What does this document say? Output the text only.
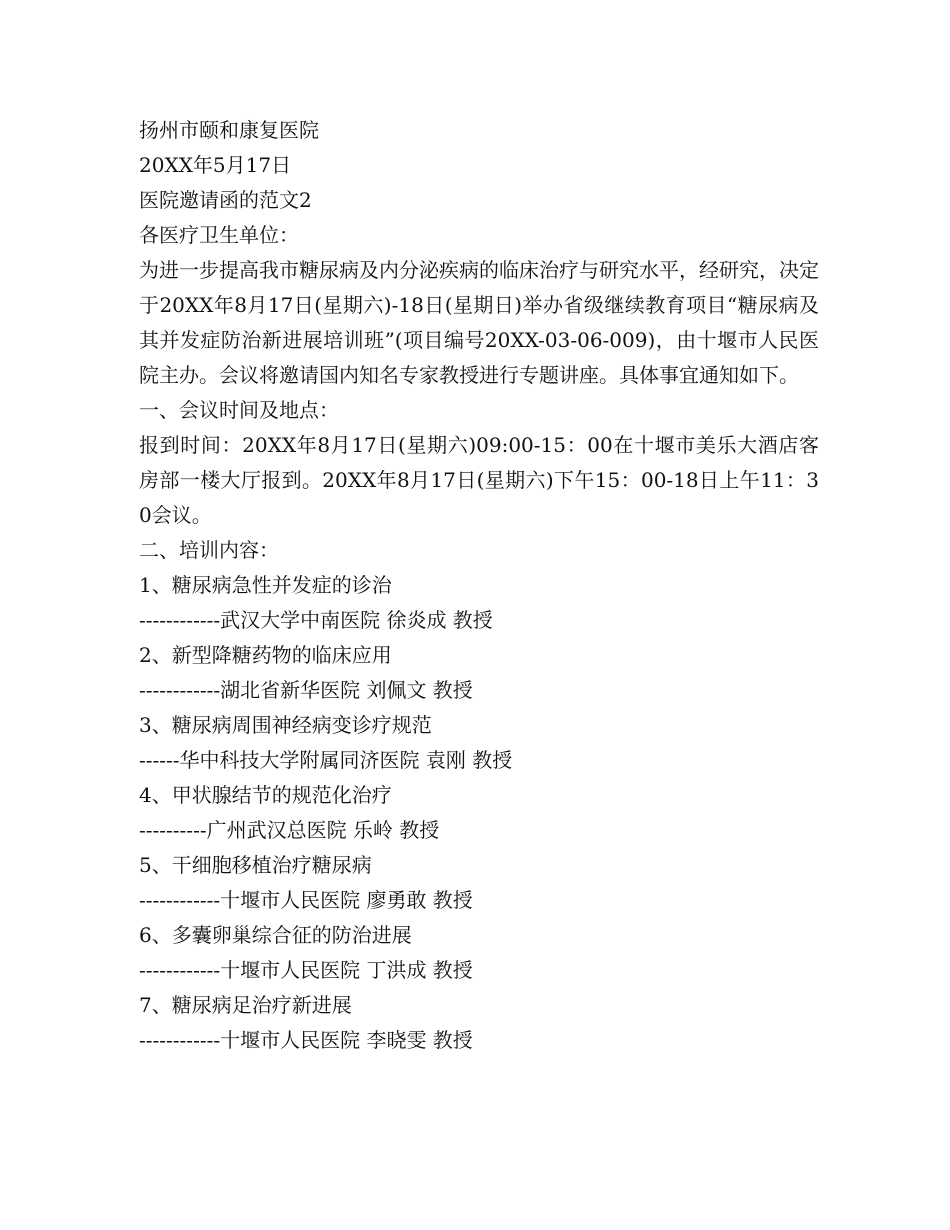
扬州市颐和康复医院

20XX年5月17日

医院邀请函的范文2

各医疗卫生单位：

为进一步提高我市糖尿病及内分泌疾病的临床治疗与研究水平，经研究，决定于20XX年8月17日(星期六)-18日(星期日)举办省级继续教育项目“糖尿病及其并发症防治新进展培训班”(项目编号20XX-03-06-009)，由十堰市人民医院主办。会议将邀请国内知名专家教授进行专题讲座。具体事宜通知如下。

一、会议时间及地点：

报到时间：20XX年8月17日(星期六)09:00-15：00在十堰市美乐大酒店客房部一楼大厅报到。20XX年8月17日(星期六)下午15：00-18日上午11：30会议。

二、培训内容：

1、糖尿病急性并发症的诊治

------------武汉大学中南医院 徐炎成 教授

2、新型降糖药物的临床应用

------------湖北省新华医院 刘佩文 教授

3、糖尿病周围神经病变诊疗规范

------华中科技大学附属同济医院 袁刚 教授

4、甲状腺结节的规范化治疗

----------广州武汉总医院 乐岭 教授

5、干细胞移植治疗糖尿病

------------十堰市人民医院 廖勇敢 教授

6、多囊卵巢综合征的防治进展

------------十堰市人民医院 丁洪成 教授

7、糖尿病足治疗新进展

------------十堰市人民医院 李晓雯 教授
